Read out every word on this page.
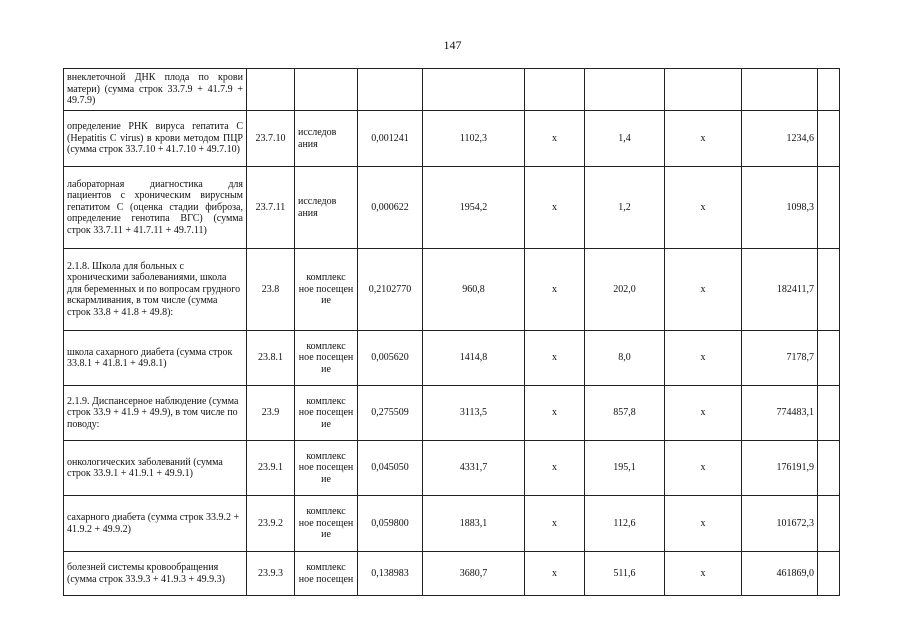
147
внеклеточной ДНК плода по крови матери) (сумма строк 33.7.9 + 41.7.9 + 49.7.9)									
определение РНК вируса гепатита С (Hepatitis С virus) в крови методом ПЦР (сумма строк 33.7.10 + 41.7.10 + 49.7.10)	23.7.10	исследов ания	0,001241	1102,3	х	1,4	х	1234,6	
лабораторная диагностика для пациентов с хроническим вирусным гепатитом С (оценка стадии фиброза, определение генотипа ВГС) (сумма строк 33.7.11 + 41.7.11 + 49.7.11)	23.7.11	исследов ания	0,000622	1954,2	х	1,2	х	1098,3	
2.1.8. Школа для больных с хроническими заболеваниями, школа для беременных и по вопросам грудного вскармливания, в том числе (сумма строк 33.8 + 41.8 + 49.8):	23.8	комплекс ное посещен ие	0,2102770	960,8	х	202,0	х	182411,7	
школа сахарного диабета (сумма строк 33.8.1 + 41.8.1 + 49.8.1)	23.8.1	комплекс ное посещен ие	0,005620	1414,8	х	8,0	х	7178,7	
2.1.9. Диспансерное наблюдение (сумма строк 33.9 + 41.9 + 49.9), в том числе по поводу:	23.9	комплекс ное посещен ие	0,275509	3113,5	х	857,8	х	774483,1	
онкологических заболеваний (сумма строк 33.9.1 + 41.9.1 + 49.9.1)	23.9.1	комплекс ное посещен ие	0,045050	4331,7	х	195,1	х	176191,9	
сахарного диабета (сумма строк 33.9.2 + 41.9.2 + 49.9.2)	23.9.2	комплекс ное посещен ие	0,059800	1883,1	х	112,6	х	101672,3	
болезней системы кровообращения (сумма строк 33.9.3 + 41.9.3 + 49.9.3)	23.9.3	комплекс ное посещен	0,138983	3680,7	х	511,6	х	461869,0	
